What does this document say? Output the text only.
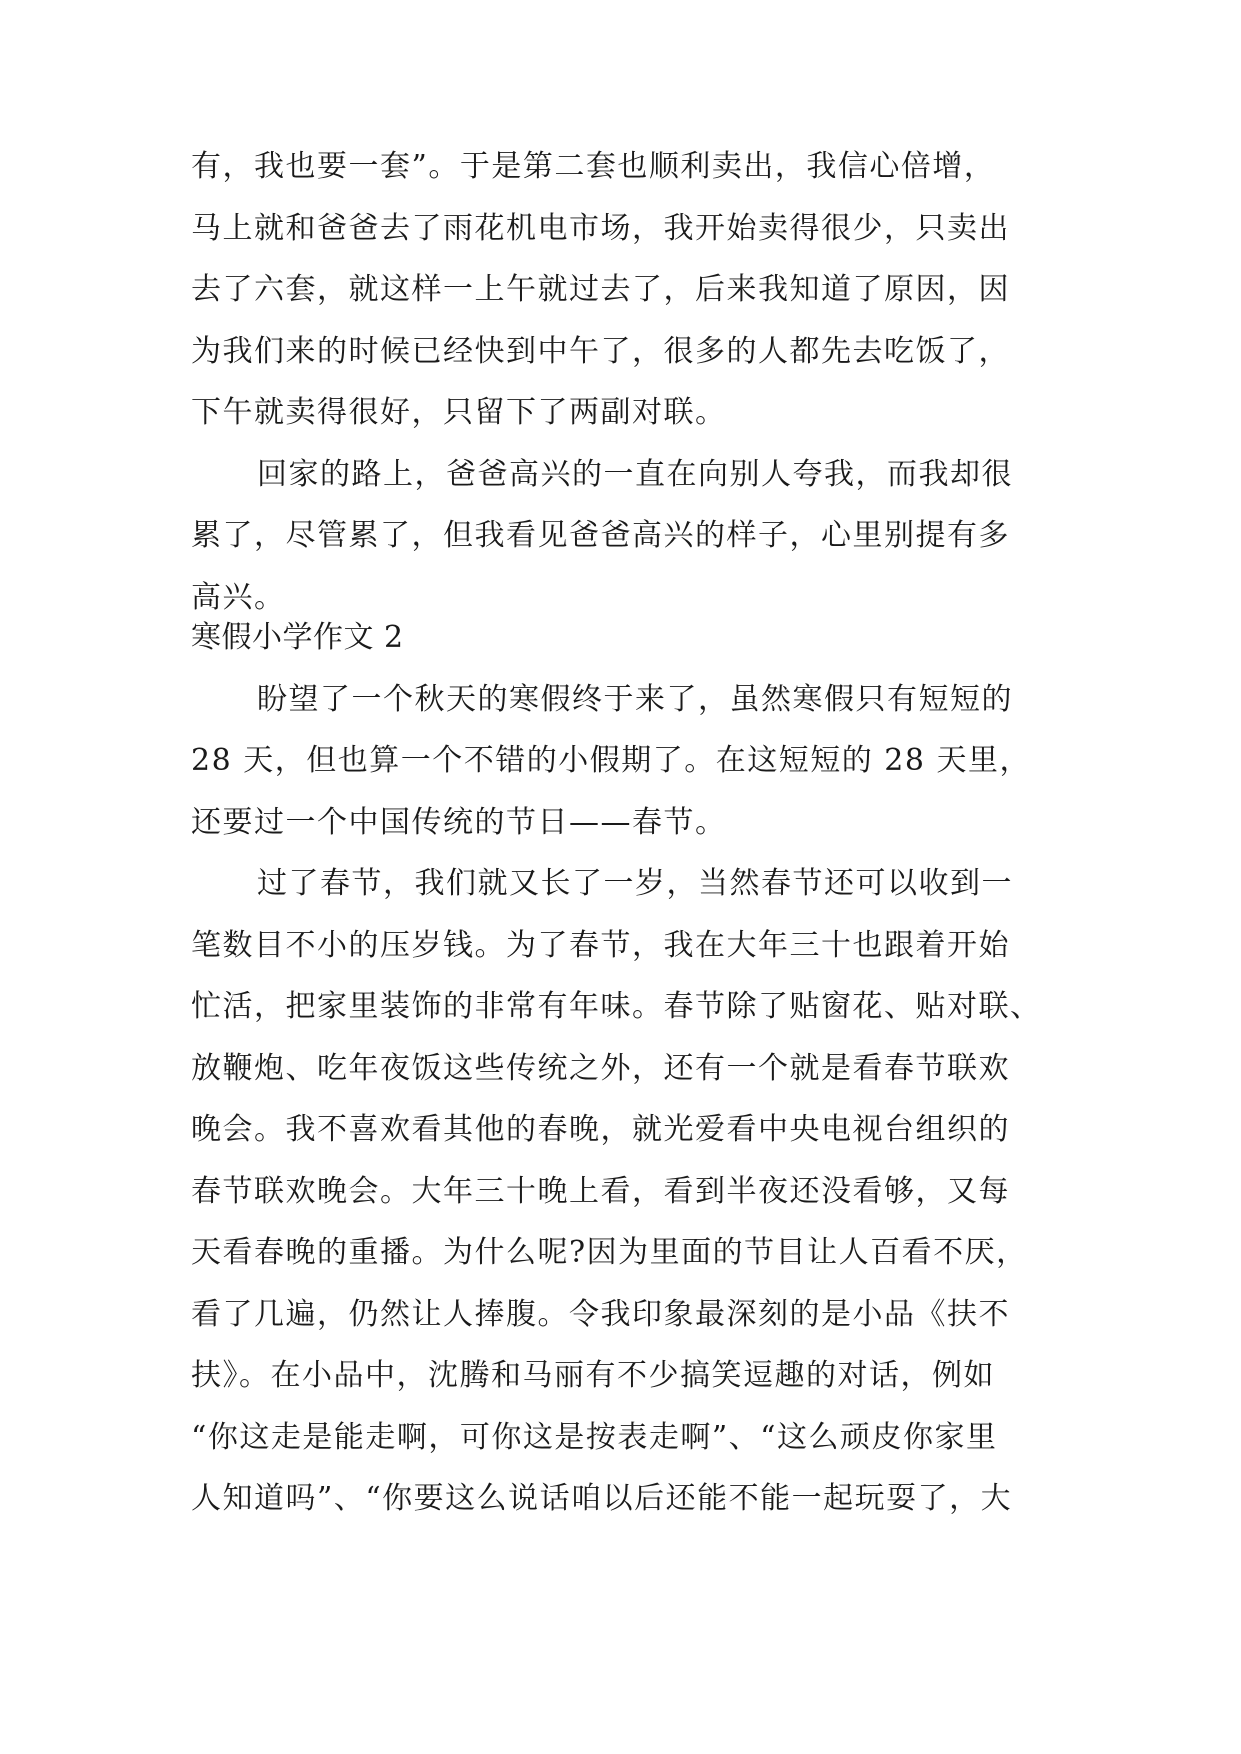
有，我也要一套”。于是第二套也顺利卖出，我信心倍增，
马上就和爸爸去了雨花机电市场，我开始卖得很少，只卖出
去了六套，就这样一上午就过去了，后来我知道了原因，因
为我们来的时候已经快到中午了，很多的人都先去吃饭了，
下午就卖得很好，只留下了两副对联。
回家的路上，爸爸高兴的一直在向别人夸我，而我却很
累了，尽管累了，但我看见爸爸高兴的样子，心里别提有多
高兴。
寒假小学作文 2
盼望了一个秋天的寒假终于来了，虽然寒假只有短短的
28 天，但也算一个不错的小假期了。在这短短的 28 天里，
还要过一个中国传统的节日——春节。
过了春节，我们就又长了一岁，当然春节还可以收到一
笔数目不小的压岁钱。为了春节，我在大年三十也跟着开始
忙活，把家里装饰的非常有年味。春节除了贴窗花、贴对联、
放鞭炮、吃年夜饭这些传统之外，还有一个就是看春节联欢
晚会。我不喜欢看其他的春晚，就光爱看中央电视台组织的
春节联欢晚会。大年三十晚上看，看到半夜还没看够，又每
天看春晚的重播。为什么呢?因为里面的节目让人百看不厌，
看了几遍，仍然让人捧腹。令我印象最深刻的是小品《扶不
扶》。在小品中，沈腾和马丽有不少搞笑逗趣的对话，例如
“你这走是能走啊，可你这是按表走啊”、“这么顽皮你家里
人知道吗”、“你要这么说话咱以后还能不能一起玩耍了，大
